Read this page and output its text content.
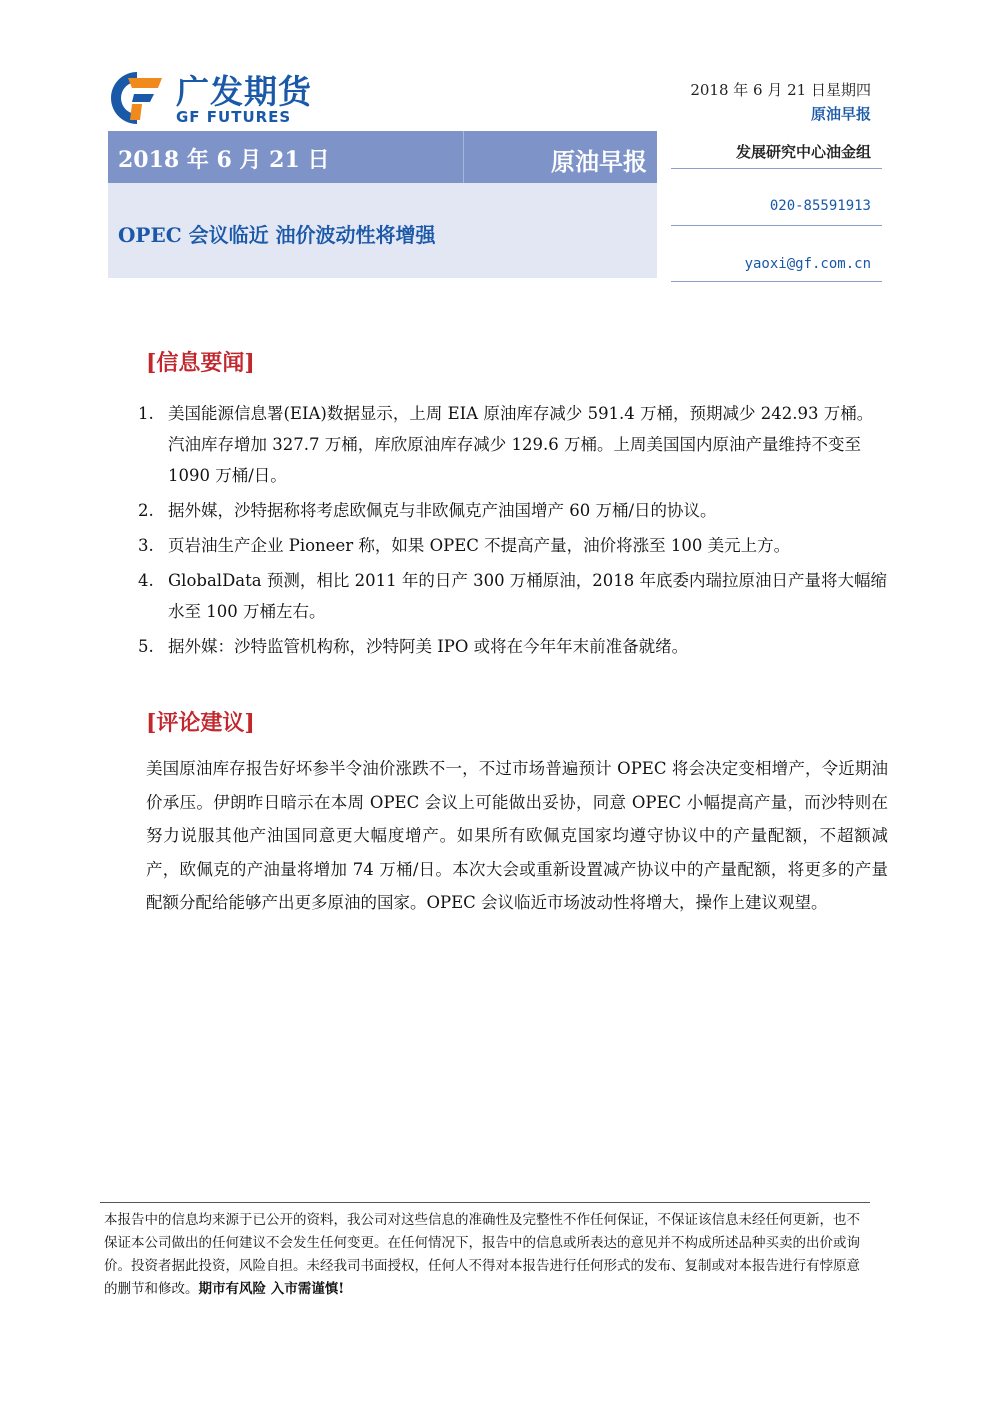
广发期货
GF FUTURES
2018 年 6 月 21 日星期四
原油早报
2018 年 6 月 21 日	原油早报
OPEC 会议临近 油价波动性将增强
发展研究中心油金组
020-85591913
yaoxi@gf.com.cn
[信息要闻]
1. 美国能源信息署(EIA)数据显示，上周 EIA 原油库存减少 591.4 万桶，预期减少 242.93 万桶。汽油库存增加 327.7 万桶，库欣原油库存减少 129.6 万桶。上周美国国内原油产量维持不变至 1090 万桶/日。
2. 据外媒，沙特据称将考虑欧佩克与非欧佩克产油国增产 60 万桶/日的协议。
3. 页岩油生产企业 Pioneer 称，如果 OPEC 不提高产量，油价将涨至 100 美元上方。
4. GlobalData 预测，相比 2011 年的日产 300 万桶原油，2018 年底委内瑞拉原油日产量将大幅缩水至 100 万桶左右。
5. 据外媒：沙特监管机构称，沙特阿美 IPO 或将在今年年末前准备就绪。
[评论建议]

美国原油库存报告好坏参半令油价涨跌不一，不过市场普遍预计 OPEC 将会决定变相增产，令近期油价承压。伊朗昨日暗示在本周 OPEC 会议上可能做出妥协，同意 OPEC 小幅提高产量，而沙特则在努力说服其他产油国同意更大幅度增产。如果所有欧佩克国家均遵守协议中的产量配额，不超额减产，欧佩克的产油量将增加 74 万桶/日。本次大会或重新设置减产协议中的产量配额，将更多的产量配额分配给能够产出更多原油的国家。OPEC 会议临近市场波动性将增大，操作上建议观望。

本报告中的信息均来源于已公开的资料，我公司对这些信息的准确性及完整性不作任何保证，不保证该信息未经任何更新，也不保证本公司做出的任何建议不会发生任何变更。在任何情况下，报告中的信息或所表达的意见并不构成所述品种买卖的出价或询价。投资者据此投资，风险自担。未经我司书面授权，任何人不得对本报告进行任何形式的发布、复制或对本报告进行有悖原意的删节和修改。期市有风险 入市需谨慎!
